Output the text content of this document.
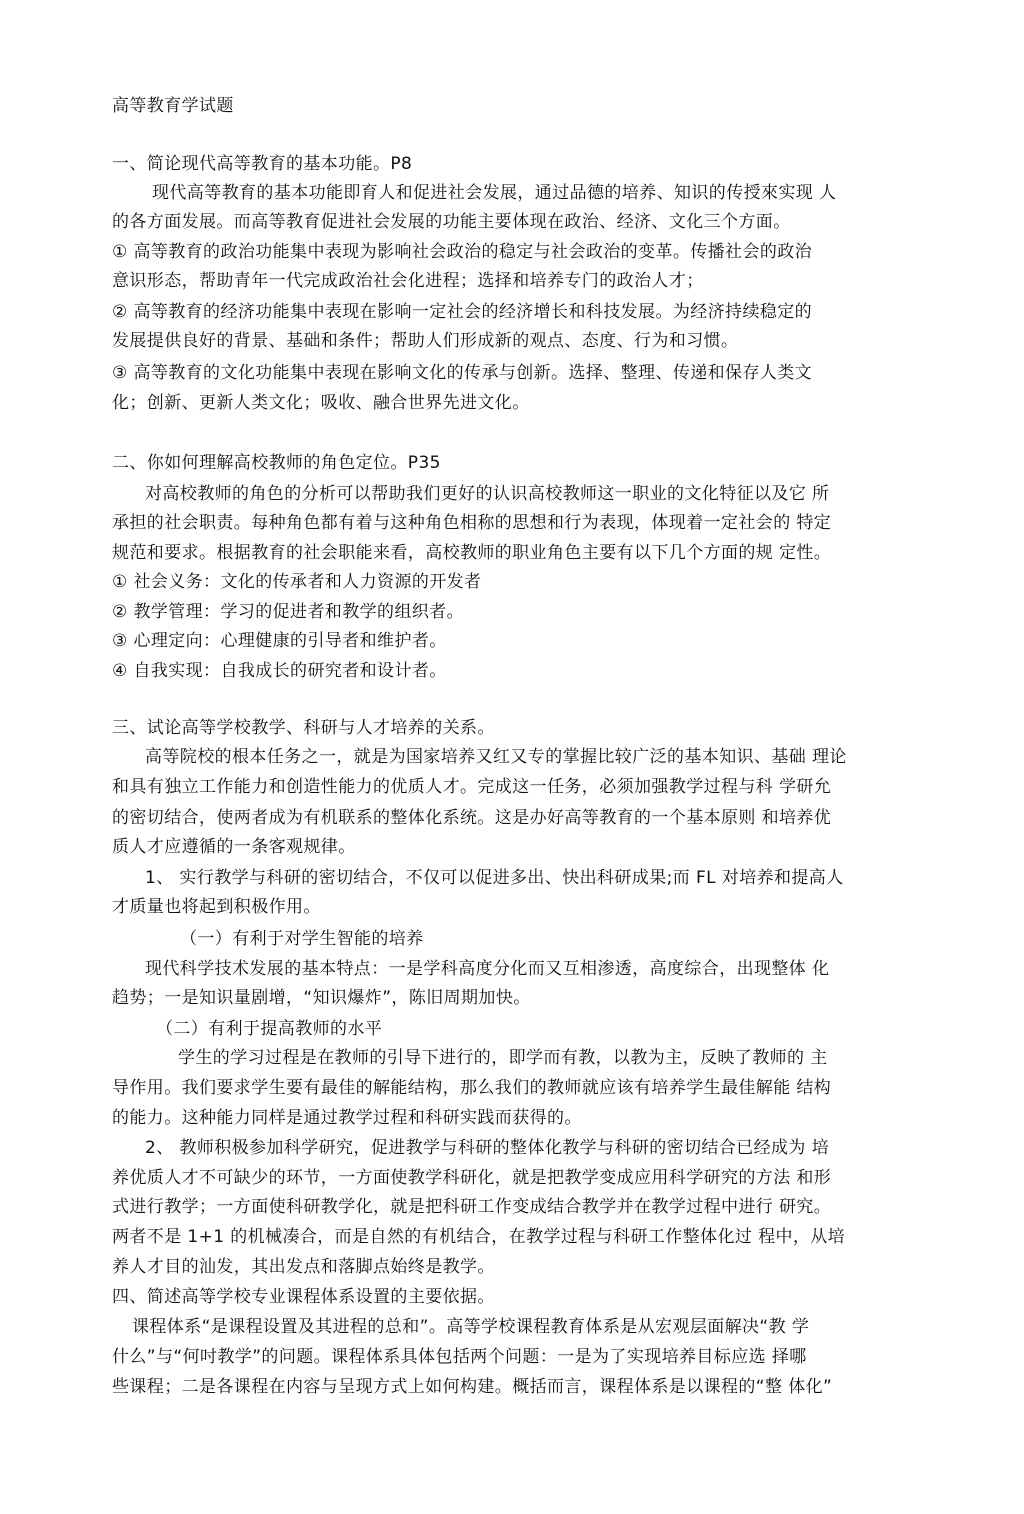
高等教育学试题

一、简论现代高等教育的基本功能。P8

现代高等教育的基本功能即育人和促进社会发展，通过品德的培养、知识的传授來实现 人

的各方面发展。而高等教育促进社会发展的功能主要体现在政治、经济、文化三个方面。

① 高等教育的政治功能集中表现为影响社会政治的稳定与社会政治的变革。传播社会的政治

意识形态，帮助青年一代完成政治社会化进程；选择和培养专门的政治人才；

② 高等教育的经济功能集中表现在影响一定社会的经济增长和科技发展。为经济持续稳定的

发展提供良好的背景、基础和条件；帮助人们形成新的观点、态度、行为和习惯。

③ 高等教育的文化功能集中表现在影响文化的传承与创新。选择、整理、传递和保存人类文

化；创新、更新人类文化；吸收、融合世界先进文化。

二、你如何理解高校教师的角色定位。P35

对高校教师的角色的分析可以帮助我们更好的认识高校教师这一职业的文化特征以及它 所

承担的社会职责。每种角色都有着与这种角色相称的思想和行为表现，体现着一定社会的 特定

规范和要求。根据教育的社会职能来看，高校教师的职业角色主要有以下几个方面的规 定性。

① 社会义务：文化的传承者和人力资源的开发者

② 教学管理：学习的促进者和教学的组织者。

③ 心理定向：心理健康的引导者和维护者。

④ 自我实现：自我成长的研究者和设计者。

三、试论高等学校教学、科研与人才培养的关系。

高等院校的根本任务之一，就是为国家培养又红又专的掌握比较广泛的基本知识、基础 理论

和具有独立工作能力和创造性能力的优质人才。完成这一任务，必须加强教学过程与科 学研允

的密切结合，使两者成为有机联系的整体化系统。这是办好高等教育的一个基本原则 和培养优

质人才应遵循的一条客观规律。

1、 实行教学与科研的密切结合，不仅可以促进多出、快出科研成果;而 FL 对培养和提高人

才质量也将起到积极作用。

（一）有利于对学生智能的培养

现代科学技术发展的基本特点：一是学科高度分化而又互相渗透，高度综合，出现整体 化

趋势；一是知识量剧增，“知识爆炸”，陈旧周期加快。

（二）有利于提高教师的水平

学生的学习过程是在教师的引导下进行的，即学而有教，以教为主，反映了教师的 主

导作用。我们要求学生要有最佳的解能结构，那么我们的教师就应该有培养学生最佳解能 结构

的能力。这种能力同样是通过教学过程和科研实践而获得的。

2、 教师积极参加科学研究，促进教学与科研的整体化教学与科研的密切结合已经成为 培

养优质人才不可缺少的环节，一方面使教学科研化，就是把教学变成应用科学研究的方法 和形

式进行教学；一方面使科研教学化，就是把科研工作变成结合教学并在教学过程中进行 研究。

两者不是 1+1 的机械凑合，而是自然的有机结合，在教学过程与科研工作整体化过 程中，从培

养人才目的汕发，其出发点和落脚点始终是教学。

四、简述高等学校专业课程体系设置的主要依据。

课程体系“是课程设置及其进程的总和”。高等学校课程教育体系是从宏观层面解决“教 学

什么”与“何吋教学”的问题。课程体系具体包括两个问题：一是为了实现培养目标应选 择哪

些课程；二是各课程在内容与呈现方式上如何构建。概括而言，课程体系是以课程的“整 体化”
